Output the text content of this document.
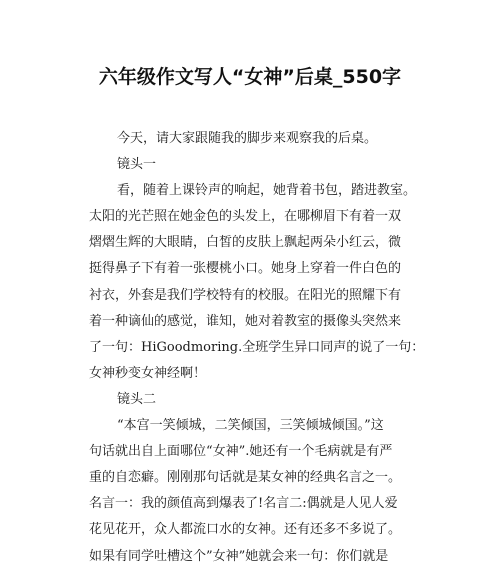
六年级作文写人“女神”后桌_550字
今天，请大家跟随我的脚步来观察我的后桌。
镜头一
看，随着上课铃声的响起，她背着书包，踏进教室。
太阳的光芒照在她金色的头发上，在哪柳眉下有着一双
熠熠生辉的大眼睛，白皙的皮肤上飘起两朵小红云，微
挺得鼻子下有着一张樱桃小口。她身上穿着一件白色的
衬衣，外套是我们学校特有的校服。在阳光的照耀下有
着一种谪仙的感觉，谁知，她对着教室的摄像头突然来
了一句：HiGoodmoring.全班学生异口同声的说了一句：
女神秒变女神经啊！
镜头二
“本宫一笑倾城，二笑倾国，三笑倾城倾国。”这
句话就出自上面哪位“女神”.她还有一个毛病就是有严
重的自恋癖。刚刚那句话就是某女神的经典名言之一。
名言一：我的颜值高到爆表了!名言二:偶就是人见人爱
花见花开，众人都流口水的女神。还有还多不多说了。
如果有同学吐槽这个”女神”她就会来一句：你们就是
